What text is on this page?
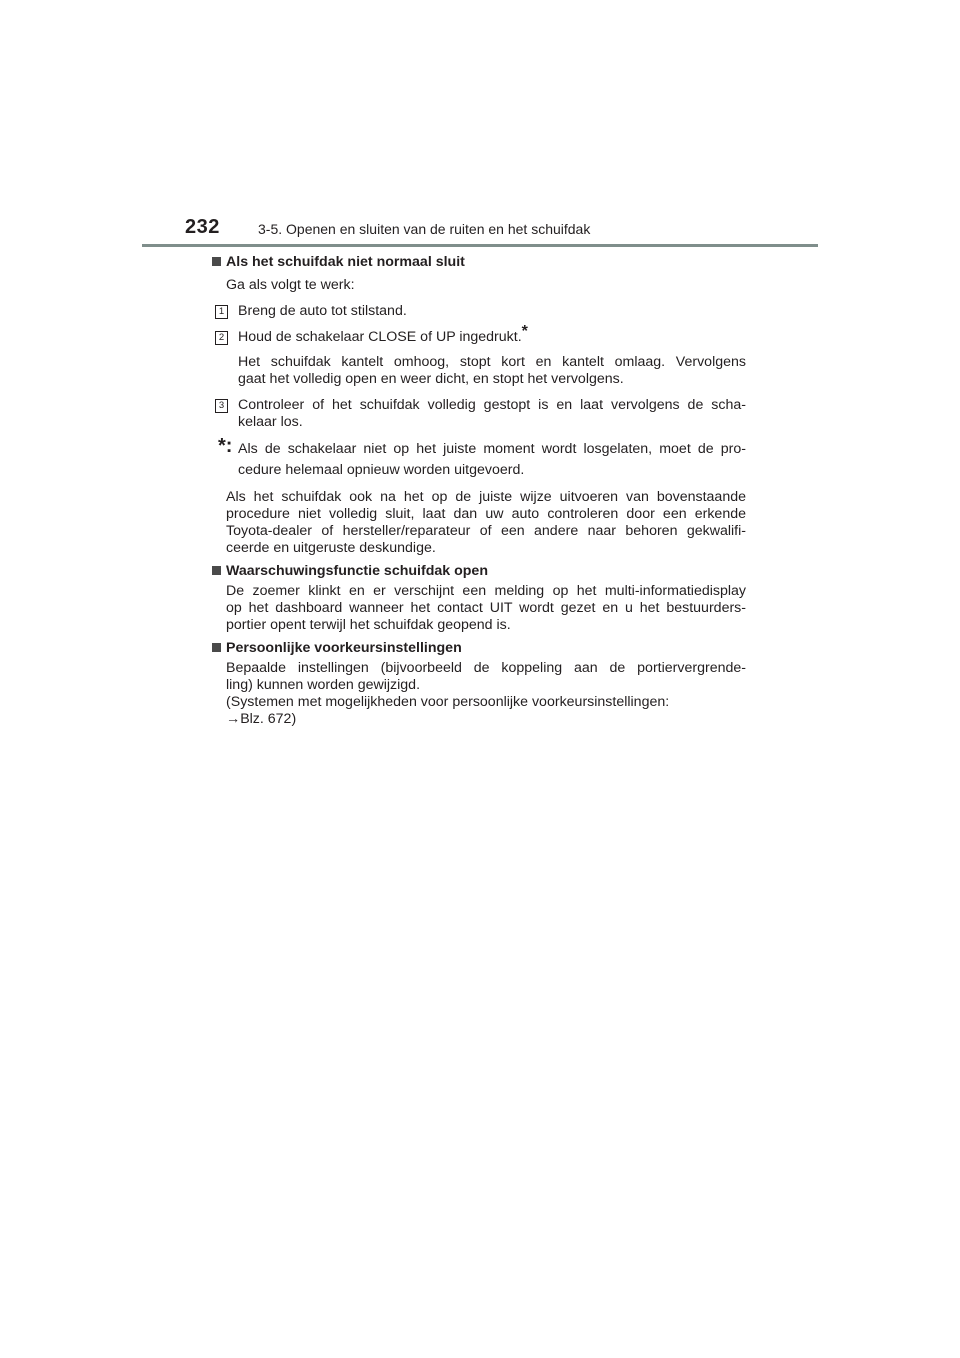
232	3-5. Openen en sluiten van de ruiten en het schuifdak
Als het schuifdak niet normaal sluit
Ga als volgt te werk:
1 Breng de auto tot stilstand.
2 Houd de schakelaar CLOSE of UP ingedrukt.*
Het schuifdak kantelt omhoog, stopt kort en kantelt omlaag. Vervolgens
gaat het volledig open en weer dicht, en stopt het vervolgens.
3 Controleer of het schuifdak volledig gestopt is en laat vervolgens de scha-
kelaar los.
*: Als de schakelaar niet op het juiste moment wordt losgelaten, moet de pro-
cedure helemaal opnieuw worden uitgevoerd.
Als het schuifdak ook na het op de juiste wijze uitvoeren van bovenstaande
procedure niet volledig sluit, laat dan uw auto controleren door een erkende
Toyota-dealer of hersteller/reparateur of een andere naar behoren gekwalifi-
ceerde en uitgeruste deskundige.
Waarschuwingsfunctie schuifdak open
De zoemer klinkt en er verschijnt een melding op het multi-informatiedisplay
op het dashboard wanneer het contact UIT wordt gezet en u het bestuurders-
portier opent terwijl het schuifdak geopend is.
Persoonlijke voorkeursinstellingen
Bepaalde instellingen (bijvoorbeeld de koppeling aan de portiervergrende-
ling) kunnen worden gewijzigd.
(Systemen met mogelijkheden voor persoonlijke voorkeursinstellingen:
→Blz. 672)
